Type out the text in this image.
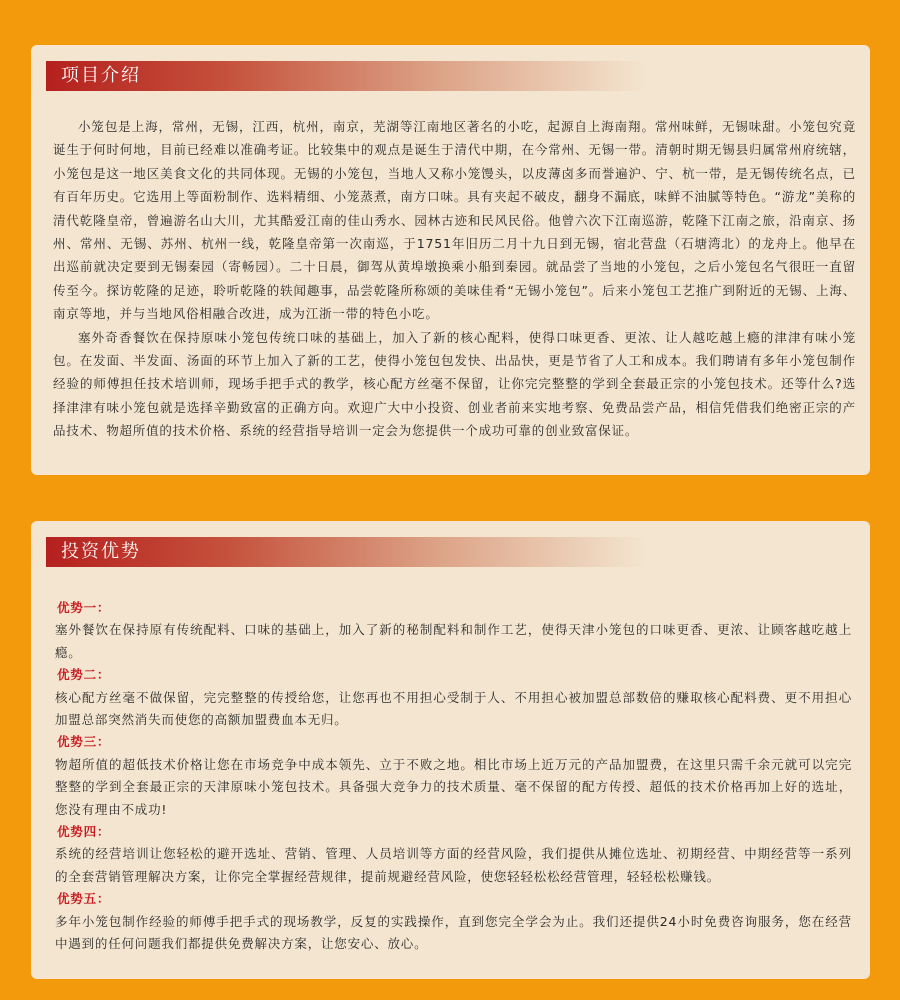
项目介绍

小笼包是上海，常州，无锡，江西，杭州，南京，芜湖等江南地区著名的小吃，起源自上海南翔。常州味鲜，无锡味甜。小笼包究竟诞生于何时何地，目前已经难以准确考证。比较集中的观点是诞生于清代中期，在今常州、无锡一带。清朝时期无锡县归属常州府统辖，小笼包是这一地区美食文化的共同体现。无锡的小笼包，当地人又称小笼馒头，以皮薄卤多而誉遍沪、宁、杭一带，是无锡传统名点，已有百年历史。它选用上等面粉制作、选料精细、小笼蒸煮，南方口味。具有夹起不破皮，翻身不漏底，味鲜不油腻等特色。“游龙”美称的清代乾隆皇帝，曾遍游名山大川，尤其酷爱江南的佳山秀水、园林古迹和民风民俗。他曾六次下江南巡游，乾隆下江南之旅，沿南京、扬州、常州、无锡、苏州、杭州一线，乾隆皇帝第一次南巡，于1751年旧历二月十九日到无锡，宿北营盘（石塘湾北）的龙舟上。他早在出巡前就决定要到无锡秦园（寄畅园）。二十日晨，御驾从黄埠墩换乘小船到秦园。就品尝了当地的小笼包，之后小笼包名气很旺一直留传至今。探访乾隆的足迹，聆听乾隆的轶闻趣事，品尝乾隆所称颂的美味佳肴“无锡小笼包”。后来小笼包工艺推广到附近的无锡、上海、南京等地，并与当地风俗相融合改进，成为江浙一带的特色小吃。

塞外奇香餐饮在保持原味小笼包传统口味的基础上，加入了新的核心配料，使得口味更香、更浓、让人越吃越上瘾的津津有味小笼包。在发面、半发面、汤面的环节上加入了新的工艺，使得小笼包包发快、出品快，更是节省了人工和成本。我们聘请有多年小笼包制作经验的师傅担任技术培训师，现场手把手式的教学，核心配方丝毫不保留，让你完完整整的学到全套最正宗的小笼包技术。还等什么?选择津津有味小笼包就是选择辛勤致富的正确方向。欢迎广大中小投资、创业者前来实地考察、免费品尝产品，相信凭借我们绝密正宗的产品技术、物超所值的技术价格、系统的经营指导培训一定会为您提供一个成功可靠的创业致富保证。

投资优势
优势一：
塞外餐饮在保持原有传统配料、口味的基础上，加入了新的秘制配料和制作工艺，使得天津小笼包的口味更香、更浓、让顾客越吃越上瘾。
优势二：
核心配方丝毫不做保留，完完整整的传授给您，让您再也不用担心受制于人、不用担心被加盟总部数倍的赚取核心配料费、更不用担心加盟总部突然消失而使您的高额加盟费血本无归。
优势三：
物超所值的超低技术价格让您在市场竞争中成本领先、立于不败之地。相比市场上近万元的产品加盟费，在这里只需千余元就可以完完整整的学到全套最正宗的天津原味小笼包技术。具备强大竞争力的技术质量、毫不保留的配方传授、超低的技术价格再加上好的选址，您没有理由不成功!
优势四：
系统的经营培训让您轻松的避开选址、营销、管理、人员培训等方面的经营风险，我们提供从摊位选址、初期经营、中期经营等一系列的全套营销管理解决方案，让你完全掌握经营规律，提前规避经营风险，使您轻轻松松经营管理，轻轻松松赚钱。
优势五：
多年小笼包制作经验的师傅手把手式的现场教学，反复的实践操作，直到您完全学会为止。我们还提供24小时免费咨询服务，您在经营中遇到的任何问题我们都提供免费解决方案，让您安心、放心。
